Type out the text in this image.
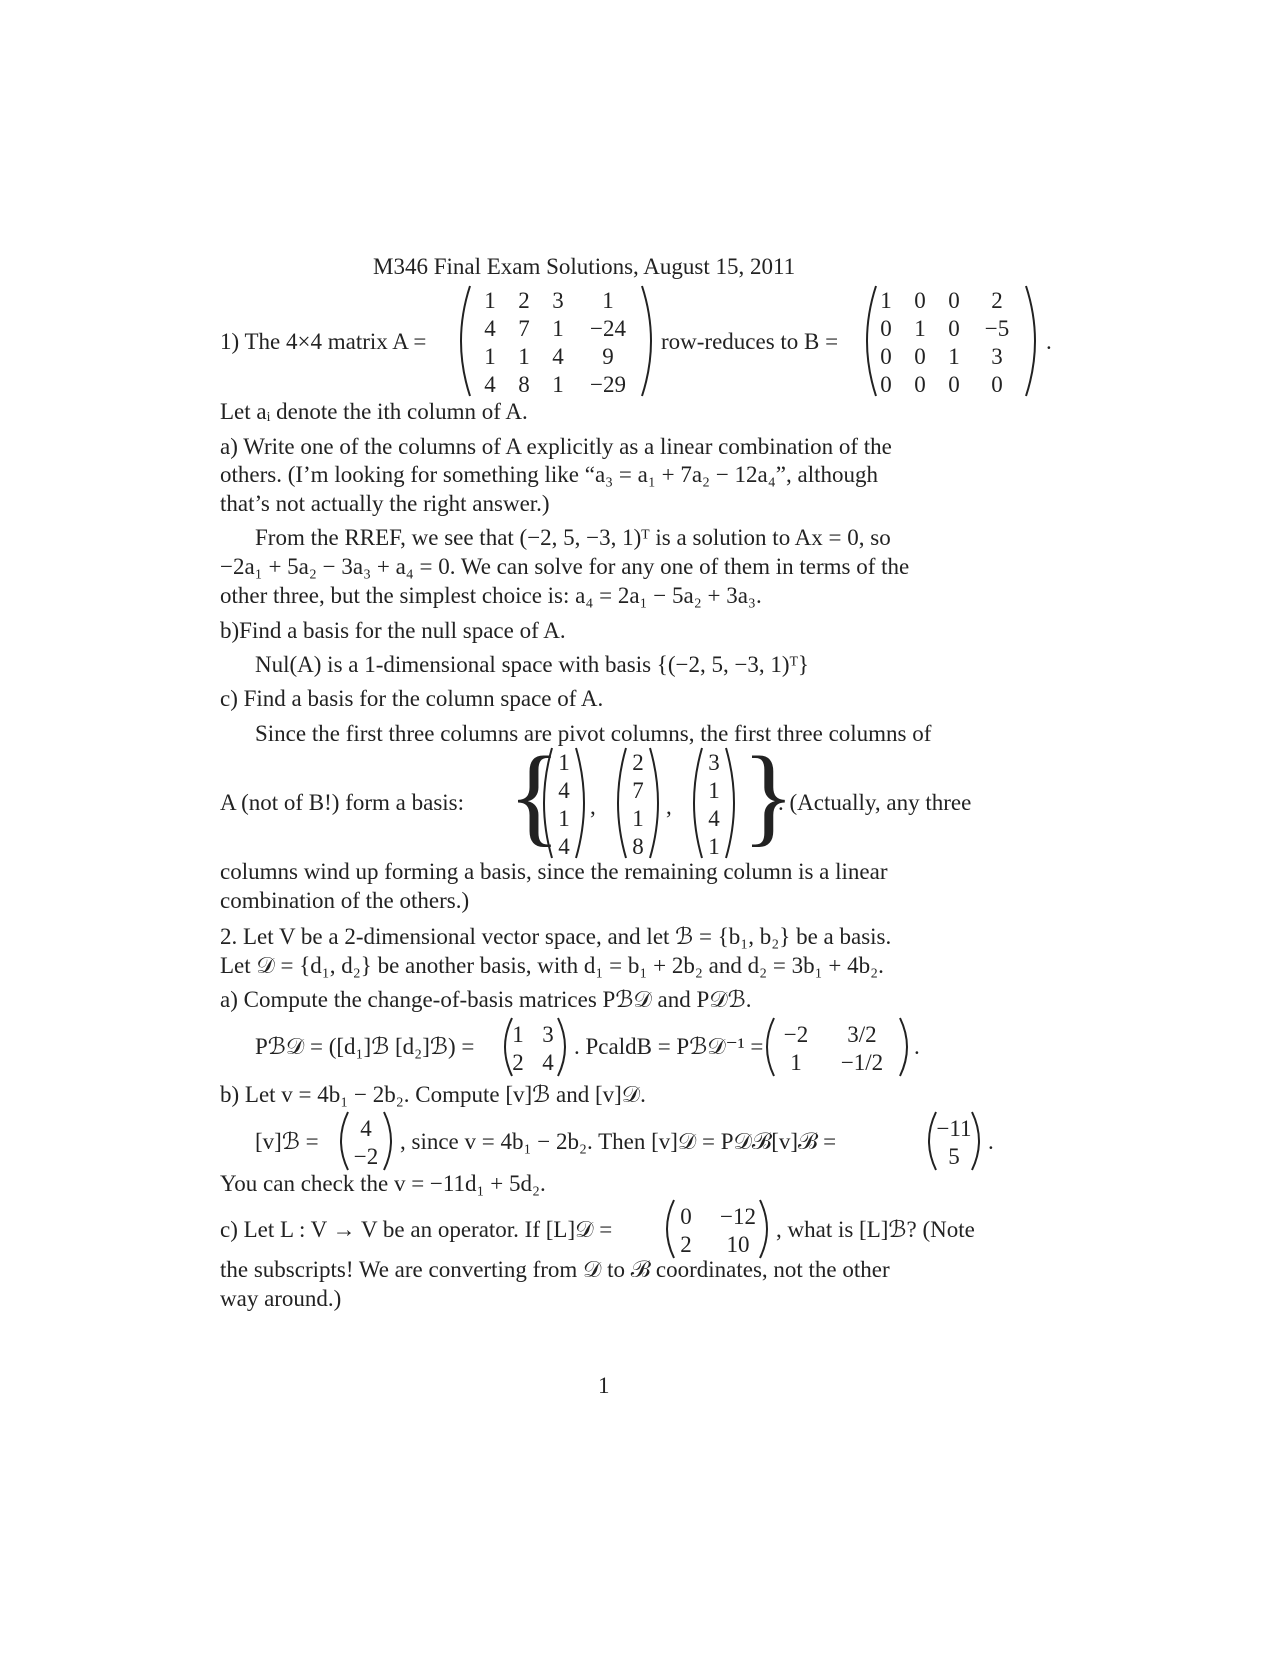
M346 Final Exam Solutions, August 15, 2011
1) The 4×4 matrix A =
1 2 3	1
4 7 1	−24
1 1 4	9
4 8 1	−29
row-reduces to B =
1 0 0	2
0 1 0	−5
0 0 1	3
0 0 0	0
.
Let aᵢ denote the ith column of A.
a) Write one of the columns of A explicitly as a linear combination of the
others. (I’m looking for something like “a₃ = a₁ + 7a₂ − 12a₄”, although
that’s not actually the right answer.)
From the RREF, we see that (−2, 5, −3, 1)ᵀ is a solution to Ax = 0, so
−2a₁ + 5a₂ − 3a₃ + a₄ = 0. We can solve for any one of them in terms of the
other three, but the simplest choice is: a₄ = 2a₁ − 5a₂ + 3a₃.
b)Find a basis for the null space of A.
Nul(A) is a 1-dimensional space with basis {(−2, 5, −3, 1)ᵀ}
c) Find a basis for the column space of A.
Since the first three columns are pivot columns, the first three columns of
A (not of B!) form a basis: {
1
4
1
4
,
2
7
1
8
,
3
1
4
1 }
. (Actually, any three
columns wind up forming a basis, since the remaining column is a linear
combination of the others.)
2. Let V be a 2-dimensional vector space, and let ℬ = {b₁, b₂} be a basis.
Let 𝒟 = {d₁, d₂} be another basis, with d₁ = b₁ + 2b₂ and d₂ = 3b₁ + 4b₂.
a) Compute the change-of-basis matrices Pℬ𝒟 and P𝒟ℬ.
Pℬ𝒟 = ([d₁]ℬ [d₂]ℬ) =	1 3
2 4
. PcaldB = Pℬ𝒟⁻¹ = −2	3/2
1	−1/2
.
b) Let v = 4b₁ − 2b₂. Compute [v]ℬ and [v]𝒟.
[v]ℬ =
4
−2
, since v = 4b₁ − 2b₂. Then [v]𝒟 = P𝒟ℬ[v]ℬ =
−11
5
.
You can check the v = −11d₁ + 5d₂.
c) Let L : V → V be an operator. If [L]𝒟 =
0	−12
2	10
, what is [L]ℬ? (Note
the subscripts! We are converting from 𝒟 to ℬ coordinates, not the other
way around.)
1
